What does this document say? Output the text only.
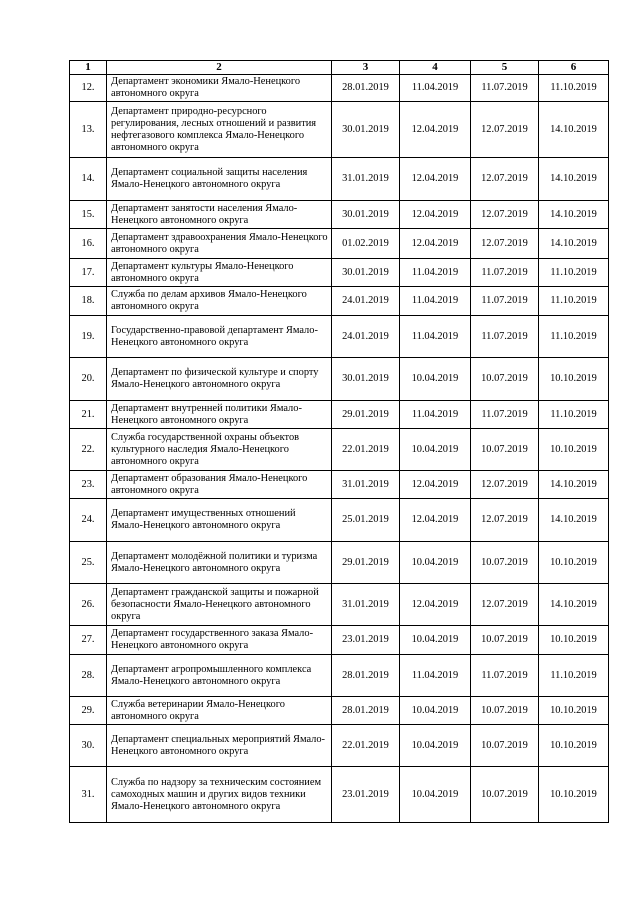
1	2	3	4	5	6
12.	Департамент экономики Ямало-Ненецкого автономного округа	28.01.2019	11.04.2019	11.07.2019	11.10.2019
13.	Департамент природно-ресурсного регулирования, лесных отношений и развития нефтегазового комплекса Ямало-Ненецкого автономного округа	30.01.2019	12.04.2019	12.07.2019	14.10.2019
14.	Департамент социальной защиты населения Ямало-Ненецкого автономного округа	31.01.2019	12.04.2019	12.07.2019	14.10.2019
15.	Департамент занятости населения Ямало-Ненецкого автономного округа	30.01.2019	12.04.2019	12.07.2019	14.10.2019
16.	Департамент здравоохранения Ямало-Ненецкого автономного округа	01.02.2019	12.04.2019	12.07.2019	14.10.2019
17.	Департамент культуры Ямало-Ненецкого автономного округа	30.01.2019	11.04.2019	11.07.2019	11.10.2019
18.	Служба по делам архивов Ямало-Ненецкого автономного округа	24.01.2019	11.04.2019	11.07.2019	11.10.2019
19.	Государственно-правовой департамент Ямало-Ненецкого автономного округа	24.01.2019	11.04.2019	11.07.2019	11.10.2019
20.	Департамент по физической культуре и спорту Ямало-Ненецкого автономного округа	30.01.2019	10.04.2019	10.07.2019	10.10.2019
21.	Департамент внутренней политики Ямало-Ненецкого автономного округа	29.01.2019	11.04.2019	11.07.2019	11.10.2019
22.	Служба государственной охраны объектов культурного наследия Ямало-Ненецкого автономного округа	22.01.2019	10.04.2019	10.07.2019	10.10.2019
23.	Департамент образования Ямало-Ненецкого автономного округа	31.01.2019	12.04.2019	12.07.2019	14.10.2019
24.	Департамент имущественных отношений Ямало-Ненецкого автономного округа	25.01.2019	12.04.2019	12.07.2019	14.10.2019
25.	Департамент молодёжной политики и туризма Ямало-Ненецкого автономного округа	29.01.2019	10.04.2019	10.07.2019	10.10.2019
26.	Департамент гражданской защиты и пожарной безопасности Ямало-Ненецкого автономного округа	31.01.2019	12.04.2019	12.07.2019	14.10.2019
27.	Департамент государственного заказа Ямало-Ненецкого автономного округа	23.01.2019	10.04.2019	10.07.2019	10.10.2019
28.	Департамент агропромышленного комплекса Ямало-Ненецкого автономного округа	28.01.2019	11.04.2019	11.07.2019	11.10.2019
29.	Служба ветеринарии Ямало-Ненецкого автономного округа	28.01.2019	10.04.2019	10.07.2019	10.10.2019
30.	Департамент специальных мероприятий Ямало-Ненецкого автономного округа	22.01.2019	10.04.2019	10.07.2019	10.10.2019
31.	Служба по надзору за техническим состоянием самоходных машин и других видов техники Ямало-Ненецкого автономного округа	23.01.2019	10.04.2019	10.07.2019	10.10.2019
